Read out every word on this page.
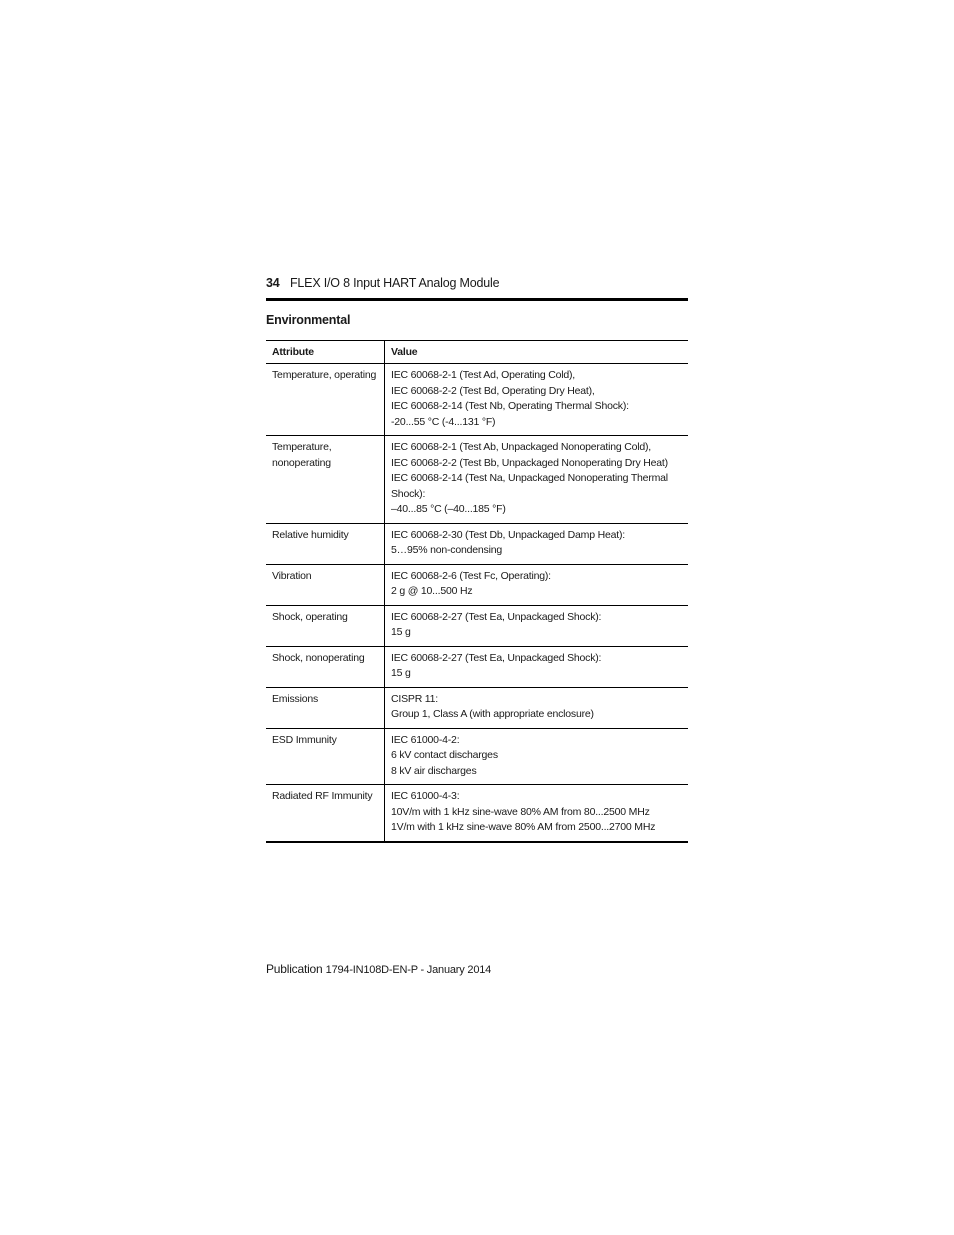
34 FLEX I/O 8 Input HART Analog Module
Environmental
Attribute	Value
Temperature, operating	IEC 60068-2-1 (Test Ad, Operating Cold),
IEC 60068-2-2 (Test Bd, Operating Dry Heat),
IEC 60068-2-14 (Test Nb, Operating Thermal Shock):
-20...55 °C (-4...131 °F)

Temperature, nonoperating	IEC 60068-2-1 (Test Ab, Unpackaged Nonoperating Cold),
IEC 60068-2-2 (Test Bb, Unpackaged Nonoperating Dry Heat)
IEC 60068-2-14 (Test Na, Unpackaged Nonoperating Thermal Shock):
–40...85 °C (–40...185 °F)

Relative humidity	IEC 60068-2-30 (Test Db, Unpackaged Damp Heat):
5…95% non-condensing

Vibration	IEC 60068-2-6 (Test Fc, Operating):
2 g @ 10...500 Hz

Shock, operating	IEC 60068-2-27 (Test Ea, Unpackaged Shock):
15 g

Shock, nonoperating	IEC 60068-2-27 (Test Ea, Unpackaged Shock):
15 g

Emissions	CISPR 11:
Group 1, Class A (with appropriate enclosure)

ESD Immunity	IEC 61000-4-2:
6 kV contact discharges
8 kV air discharges

Radiated RF Immunity	IEC 61000-4-3:
10V/m with 1 kHz sine-wave 80% AM from 80...2500 MHz
1V/m with 1 kHz sine-wave 80% AM from 2500...2700 MHz
Publication 1794-IN108D-EN-P - January 2014
